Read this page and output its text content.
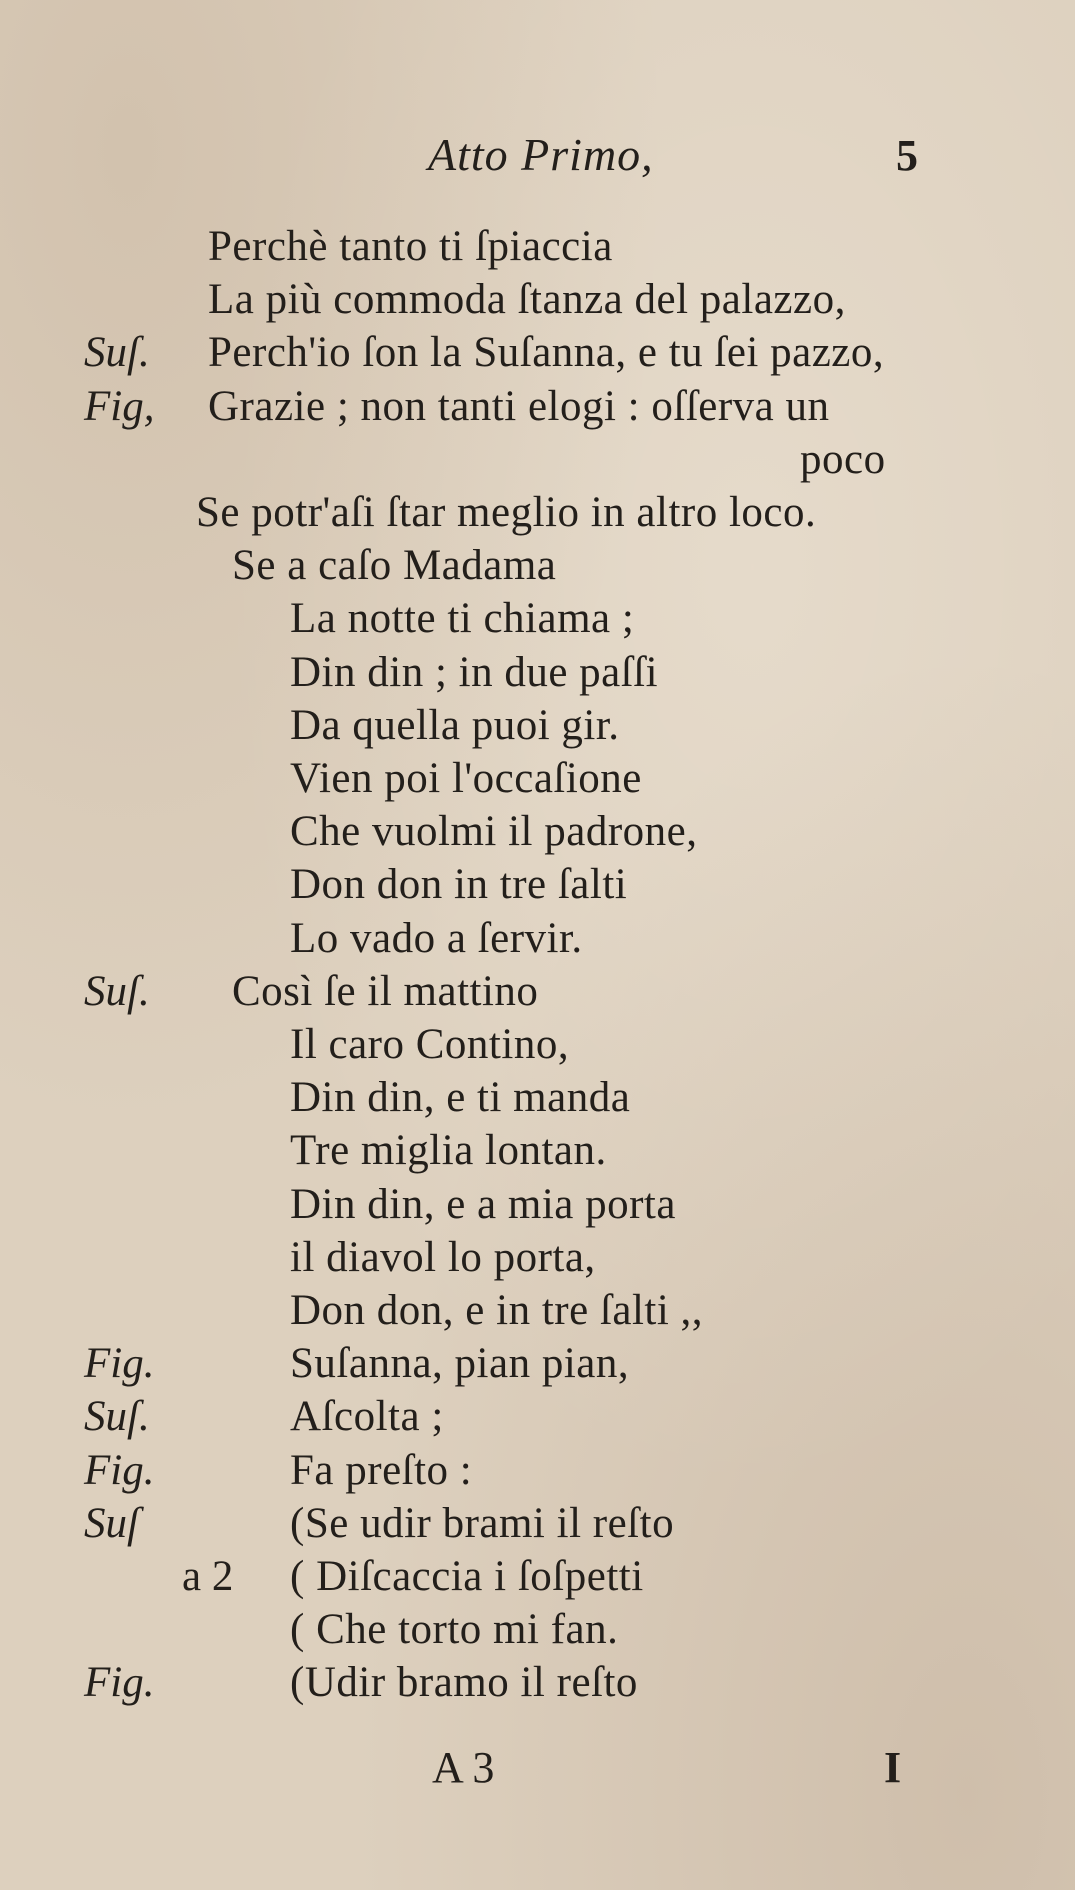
Atto Primo,	5
Perchè tanto ti ſpiaccia
La più commoda ſtanza del palazzo,
Suſ. Perch'io ſon la Suſanna, e tu ſei pazzo,
Fig, Grazie ; non tanti elogi : oſſerva un
poco
Se potr'aſi ſtar meglio in altro loco.
Se a caſo Madama
La notte ti chiama ;
Din din ; in due paſſi
Da quella puoi gir.
Vien poi l'occaſione
Che vuolmi il padrone,
Don don in tre ſalti
Lo vado a ſervir.
Suſ. Così ſe il mattino
Il caro Contino,
Din din, e ti manda
Tre miglia lontan.
Din din, e a mia porta
il diavol lo porta,
Don don, e in tre ſalti ,,
Fig.	Suſanna, pian pian,
Suſ.	Aſcolta ;
Fig.	Fa preſto :
Suſ	(Se udir brami il reſto
a 2 ( Diſcaccia i ſoſpetti
( Che torto mi fan.
Fig.	(Udir bramo il reſto
A 3	I
